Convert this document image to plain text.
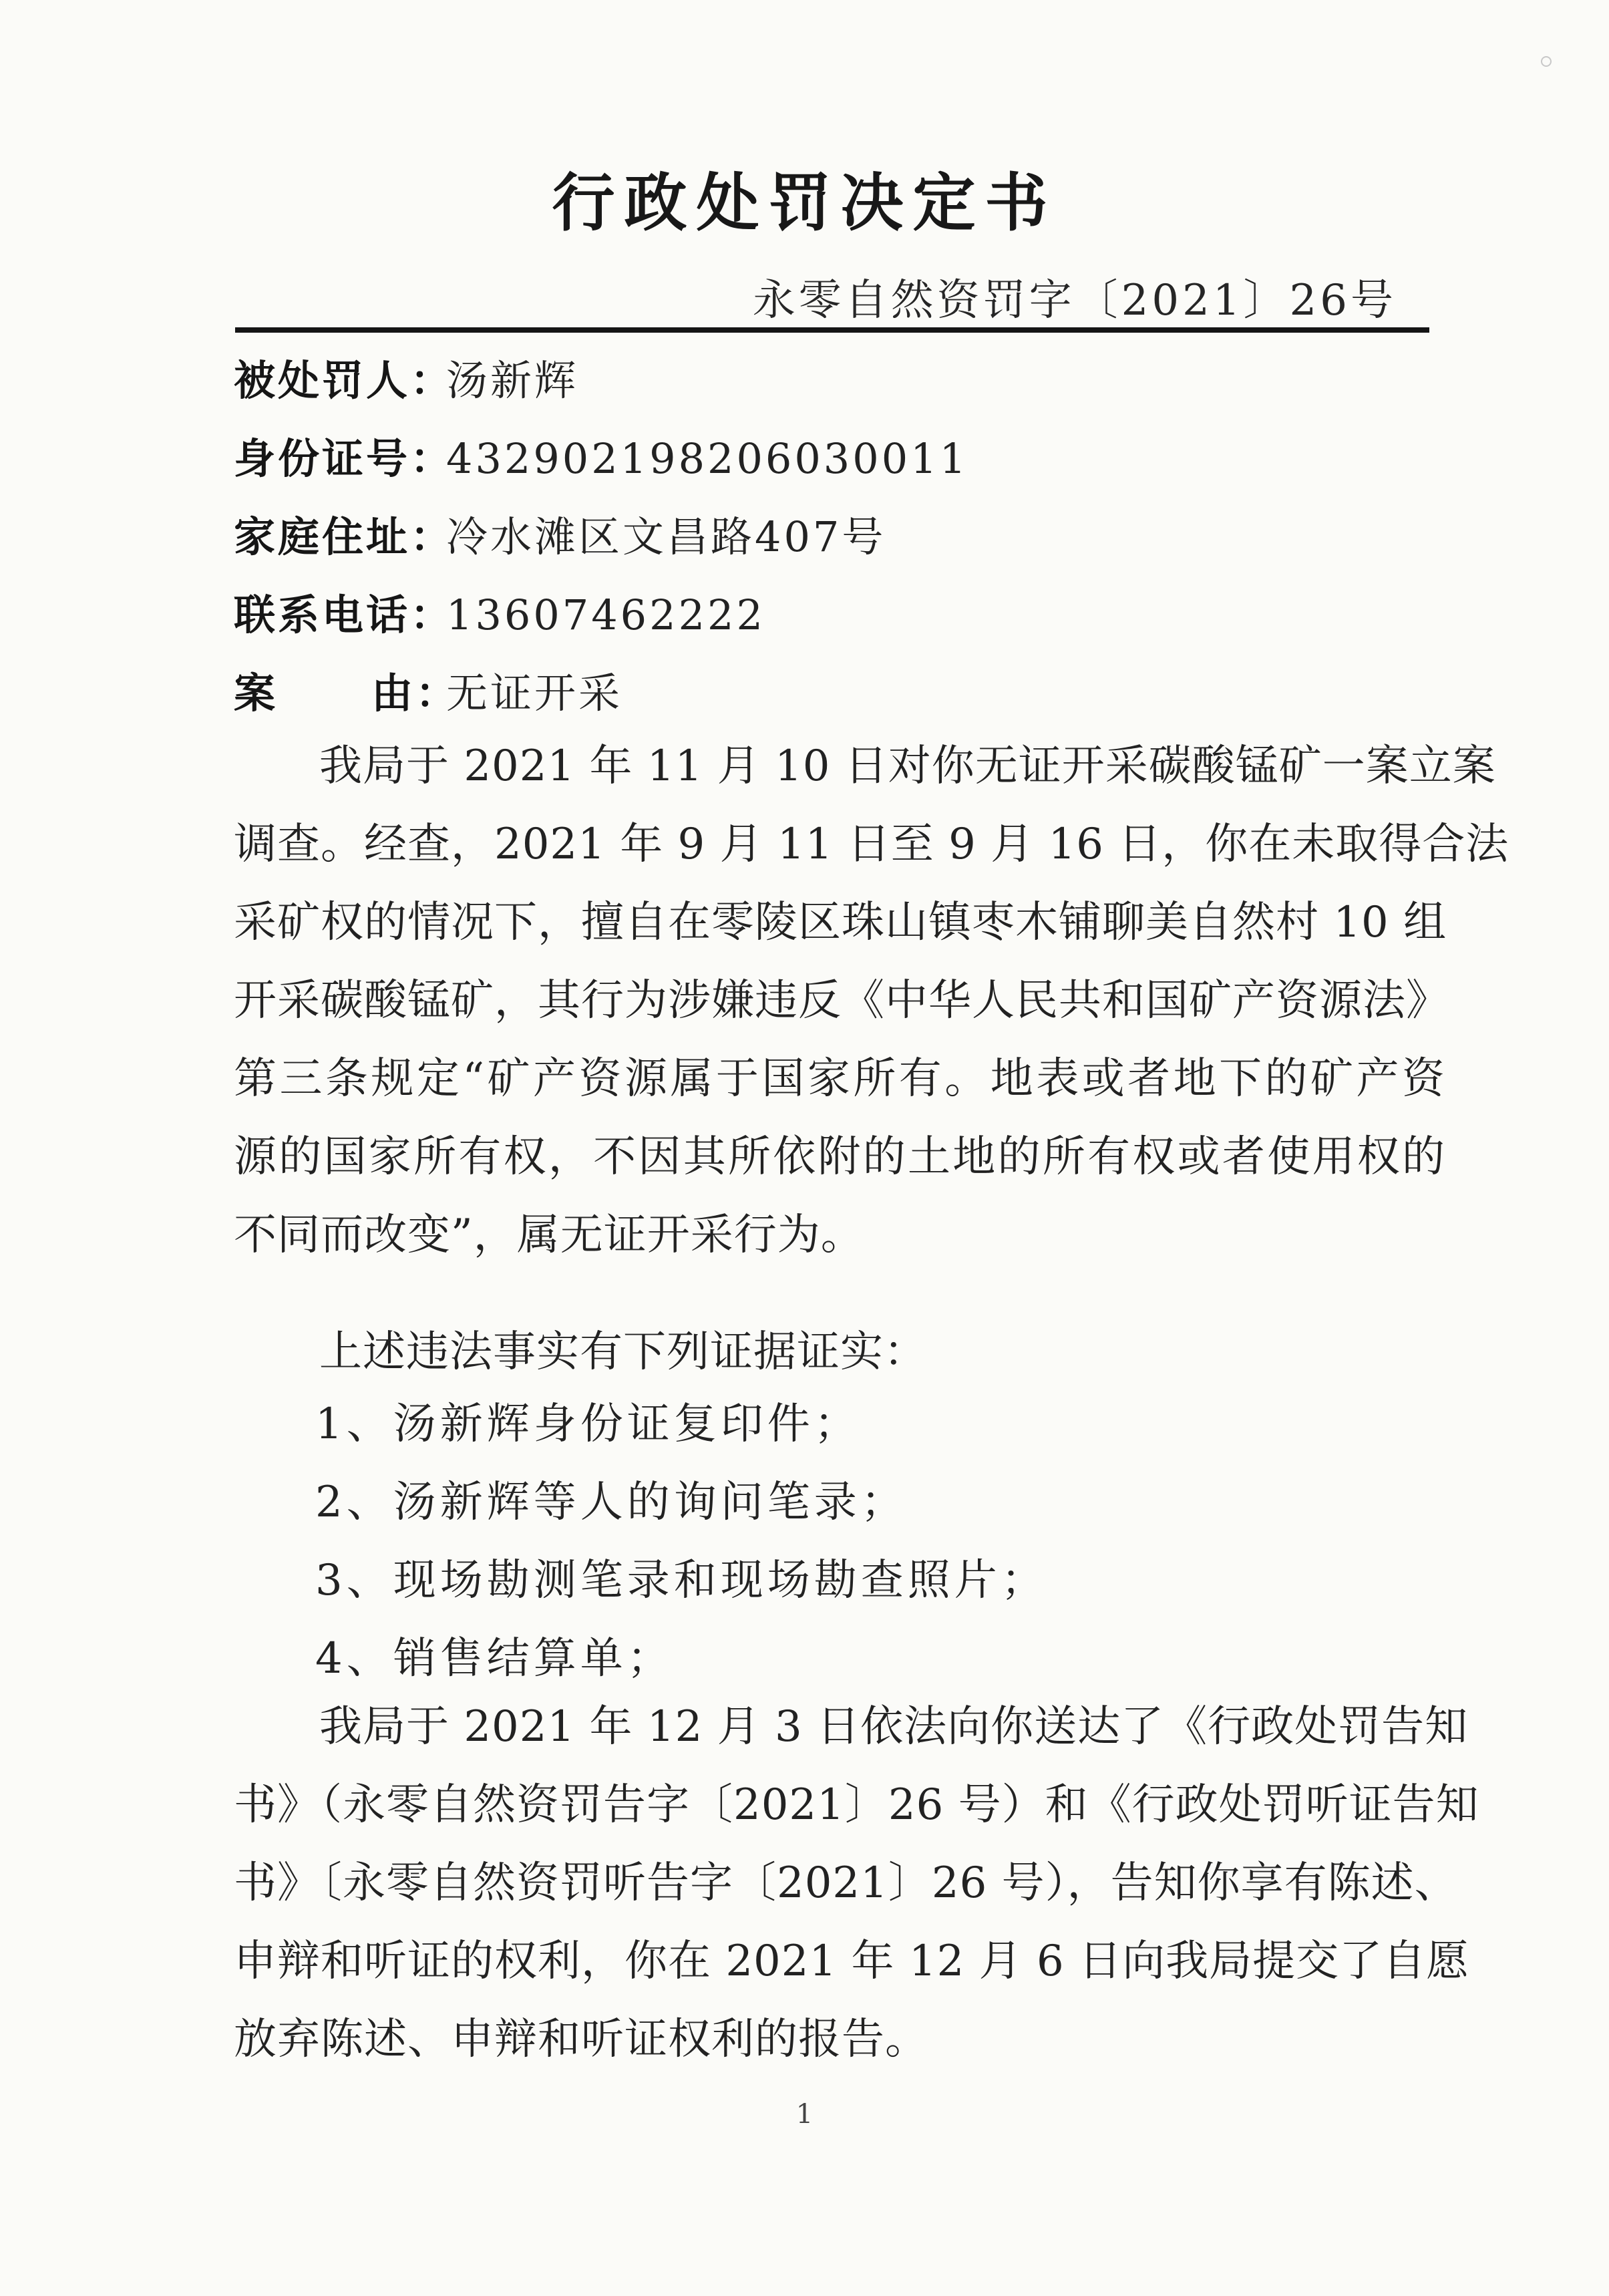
行政处罚决定书
永零自然资罚字〔2021〕26号
被处罚人：汤新辉
身份证号：432902198206030011
家庭住址：冷水滩区文昌路407号
联系电话：13607462222
案 由：无证开采
我局于 2021 年 11 月 10 日对你无证开采碳酸锰矿一案立案
调查。经查，2021 年 9 月 11 日至 9 月 16 日，你在未取得合法
采矿权的情况下，擅自在零陵区珠山镇枣木铺聊美自然村 10 组
开采碳酸锰矿，其行为涉嫌违反《中华人民共和国矿产资源法》
第三条规定“矿产资源属于国家所有。地表或者地下的矿产资
源的国家所有权，不因其所依附的土地的所有权或者使用权的
不同而改变”，属无证开采行为。
上述违法事实有下列证据证实：
1、汤新辉身份证复印件；
2、汤新辉等人的询问笔录；
3、现场勘测笔录和现场勘查照片；
4、销售结算单；
我局于 2021 年 12 月 3 日依法向你送达了《行政处罚告知
书》（永零自然资罚告字〔2021〕26 号）和《行政处罚听证告知
书》〔永零自然资罚听告字〔2021〕26 号），告知你享有陈述、
申辩和听证的权利，你在 2021 年 12 月 6 日向我局提交了自愿
放弃陈述、申辩和听证权利的报告。
1
